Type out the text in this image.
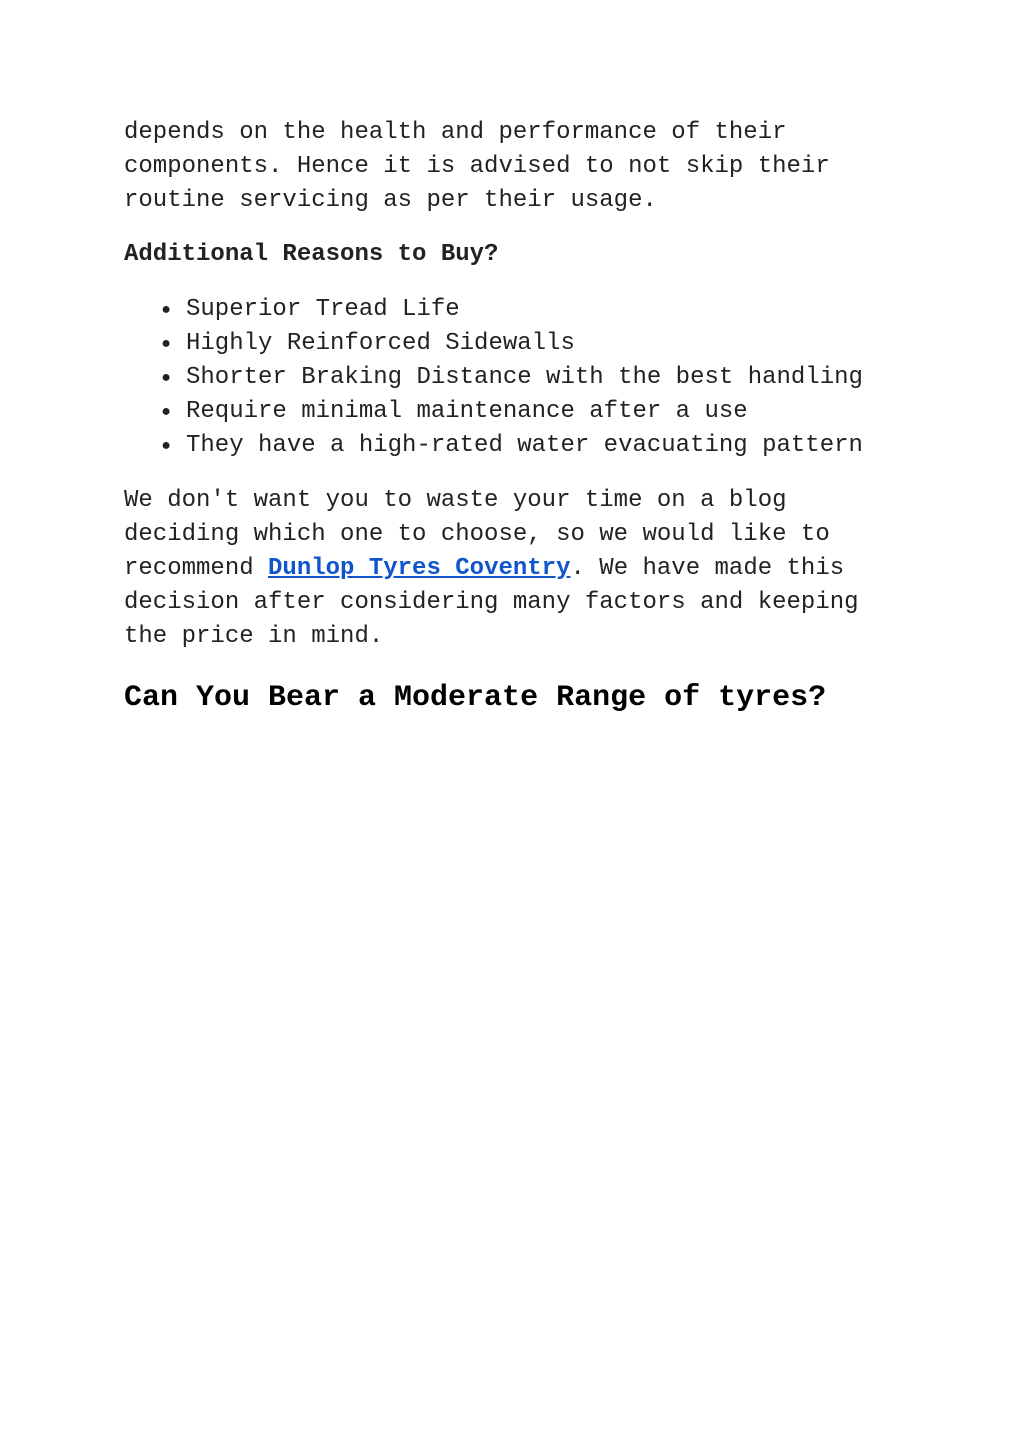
depends on the health and performance of their components. Hence it is advised to not skip their routine servicing as per their usage.

Additional Reasons to Buy?

● Superior Tread Life
● Highly Reinforced Sidewalls
● Shorter Braking Distance with the best handling
● Require minimal maintenance after a use
● They have a high-rated water evacuating pattern

We don't want you to waste your time on a blog deciding which one to choose, so we would like to recommend Dunlop Tyres Coventry. We have made this decision after considering many factors and keeping the price in mind.

Can You Bear a Moderate Range of tyres?
